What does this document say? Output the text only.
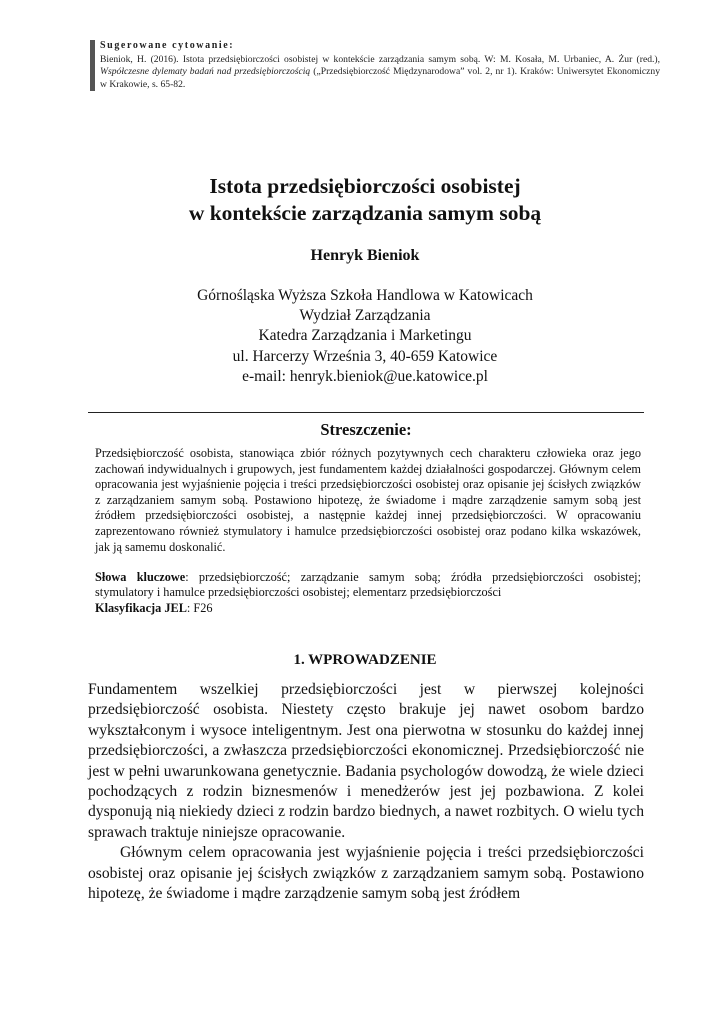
Sugerowane cytowanie:
Bieniok, H. (2016). Istota przedsiębiorczości osobistej w kontekście zarządzania samym sobą. W: M. Kosała, M. Urbaniec, A. Żur (red.), Współczesne dylematy badań nad przedsiębiorczością („Przedsiębiorczość Międzynarodowa” vol. 2, nr 1). Kraków: Uniwersytet Ekonomiczny w Krakowie, s. 65-82.
Istota przedsiębiorczości osobistej
w kontekście zarządzania samym sobą
Henryk Bieniok
Górnośląska Wyższa Szkoła Handlowa w Katowicach
Wydział Zarządzania
Katedra Zarządzania i Marketingu
ul. Harcerzy Września 3, 40-659 Katowice
e-mail: henryk.bieniok@ue.katowice.pl
Streszczenie:
Przedsiębiorczość osobista, stanowiąca zbiór różnych pozytywnych cech charakteru człowieka oraz jego zachowań indywidualnych i grupowych, jest fundamentem każdej działalności gospodarczej. Głównym celem opracowania jest wyjaśnienie pojęcia i treści przedsiębiorczości osobistej oraz opisanie jej ścisłych związków z zarządzaniem samym sobą. Postawiono hipotezę, że świadome i mądre zarządzenie samym sobą jest źródłem przedsiębiorczości osobistej, a następnie każdej innej przedsiębiorczości. W opracowaniu zaprezentowano również stymulatory i hamulce przedsiębiorczości osobistej oraz podano kilka wskazówek, jak ją samemu doskonalić.
Słowa kluczowe: przedsiębiorczość; zarządzanie samym sobą; źródła przedsiębiorczości osobistej; stymulatory i hamulce przedsiębiorczości osobistej; elementarz przedsiębiorczości
Klasyfikacja JEL: F26
1. WPROWADZENIE

Fundamentem wszelkiej przedsiębiorczości jest w pierwszej kolejności przedsiębiorczość osobista. Niestety często brakuje jej nawet osobom bardzo wykształconym i wysoce inteligentnym. Jest ona pierwotna w stosunku do każdej innej przedsiębiorczości, a zwłaszcza przedsiębiorczości ekonomicznej. Przedsiębiorczość nie jest w pełni uwarunkowana genetycznie. Badania psychologów dowodzą, że wiele dzieci pochodzących z rodzin biznesmenów i menedżerów jest jej pozbawiona. Z kolei dysponują nią niekiedy dzieci z rodzin bardzo biednych, a nawet rozbitych. O wielu tych sprawach traktuje niniejsze opracowanie.

Głównym celem opracowania jest wyjaśnienie pojęcia i treści przedsiębiorczości osobistej oraz opisanie jej ścisłych związków z zarządzaniem samym sobą. Postawiono hipotezę, że świadome i mądre zarządzenie samym sobą jest źródłem
